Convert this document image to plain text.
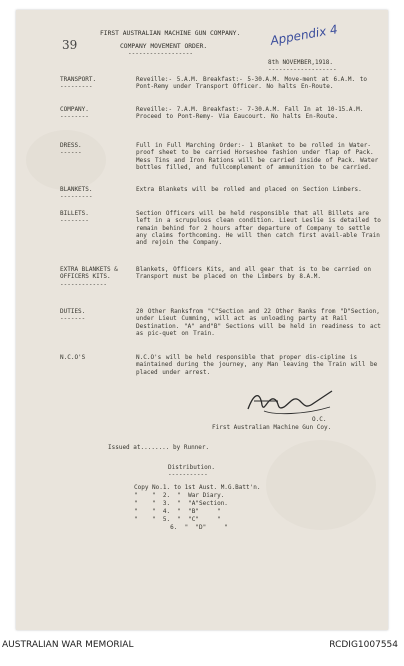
39	Appendix 4
FIRST AUSTRALIAN MACHINE GUN COMPANY.
COMPANY MOVEMENT ORDER.
------------------
8th NOVEMBER,1918.
-------------------
TRANSPORT.
---------
Reveille:- 5.A.M. Breakfast:- 5-30.A.M. Move-ment at 6.A.M. to Pont-Remy under Transport Officer. No halts En-Route.
COMPANY.
--------
Reveille:- 7.A.M. Breakfast:- 7-30.A.M. Fall In at 10-15.A.M. Proceed to Pont-Remy- Via Eaucourt. No halts En-Route.
DRESS.
------
Full in Full Marching Order:- 1 Blanket to be rolled in Water-proof sheet to be carried Horseshoe fashion under flap of Pack. Mess Tins and Iron Rations will be carried inside of Pack. Water bottles filled, and fullcomplement of ammunition to be carried.
BLANKETS.
---------
Extra Blankets will be rolled and placed on Section Limbers.
BILLETS.
--------
Section Officers will be held responsible that all Billets are left in a scrupulous clean condition. Lieut Leslie is detailed to remain behind for 2 hours after departure of Company to settle any claims forthcoming. He will then catch first avail-able Train and rejoin the Company.
EXTRA BLANKETS & OFFICERS KITS.
-------------
Blankets, Officers Kits, and all gear that is to be carried on Transport must be placed on the Limbers by 8.A.M.
DUTIES.
-------
20 Other Ranksfrom "C"Section and 22 Other Ranks from "D"Section, under Lieut Cumming, will act as unloading party at Rail Destination. "A" and"B" Sections will be held in readiness to act as pic-quet on Train.
N.C.O'S	N.C.O's will be held responsible that proper dis-cipline is maintained during the journey, any Man leaving the Train will be placed under arrest.
O.C.
First Australian Machine Gun Coy.
Issued at........ by Runner.
Distribution.
-----------
Copy No.1. to 1st Aust. M.G.Batt'n.
"    "  2.  "  War Diary.
"    "  3.  "  "A"Section.
"    "  4.  "  "B"     "
"    "  5.  "  "C"     "
6.  "  "D"     "
AUSTRALIAN WAR MEMORIAL	RCDIG1007554
